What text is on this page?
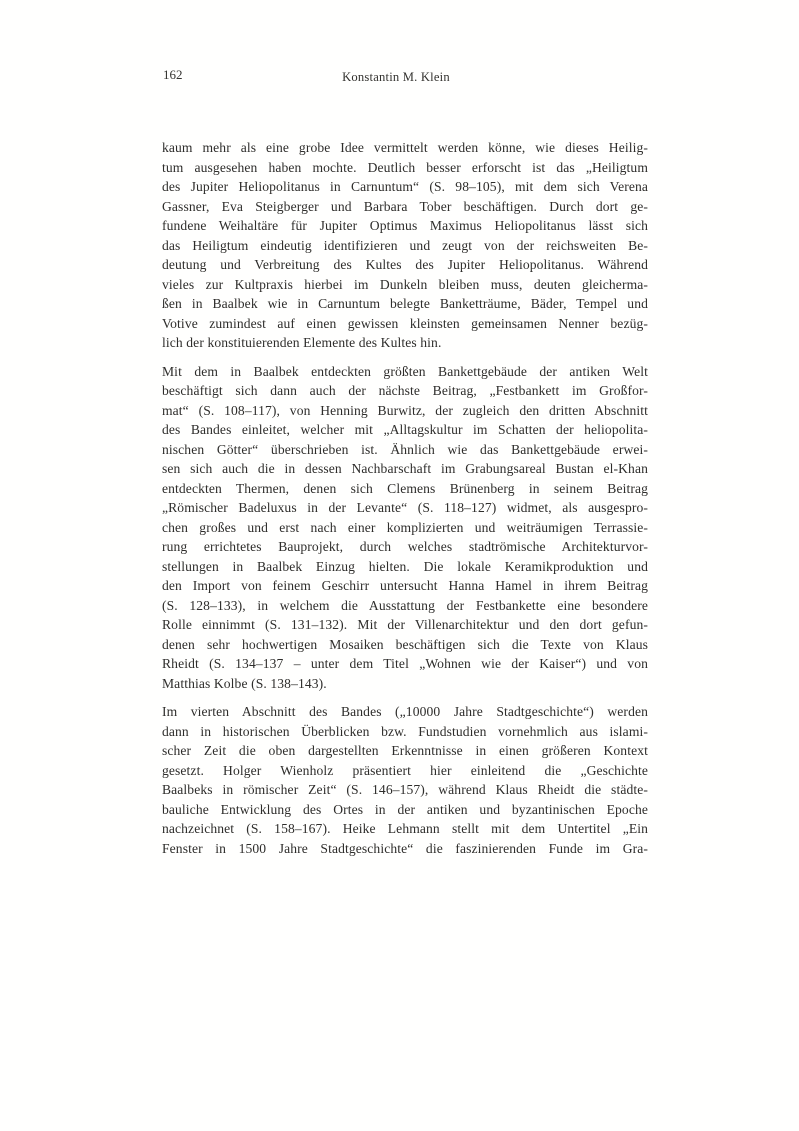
162	Konstantin M. Klein
kaum mehr als eine grobe Idee vermittelt werden könne, wie dieses Heilig-
tum ausgesehen haben mochte. Deutlich besser erforscht ist das „Heiligtum
des Jupiter Heliopolitanus in Carnuntum“ (S. 98–105), mit dem sich Verena
Gassner, Eva Steigberger und Barbara Tober beschäftigen. Durch dort ge-
fundene Weihaltäre für Jupiter Optimus Maximus Heliopolitanus lässt sich
das Heiligtum eindeutig identifizieren und zeugt von der reichsweiten Be-
deutung und Verbreitung des Kultes des Jupiter Heliopolitanus. Während
vieles zur Kultpraxis hierbei im Dunkeln bleiben muss, deuten gleicherma-
ßen in Baalbek wie in Carnuntum belegte Banketträume, Bäder, Tempel und
Votive zumindest auf einen gewissen kleinsten gemeinsamen Nenner bezüg-
lich der konstituierenden Elemente des Kultes hin.
Mit dem in Baalbek entdeckten größten Bankettgebäude der antiken Welt
beschäftigt sich dann auch der nächste Beitrag, „Festbankett im Großfor-
mat“ (S. 108–117), von Henning Burwitz, der zugleich den dritten Abschnitt
des Bandes einleitet, welcher mit „Alltagskultur im Schatten der heliopolita-
nischen Götter“ überschrieben ist. Ähnlich wie das Bankettgebäude erwei-
sen sich auch die in dessen Nachbarschaft im Grabungsareal Bustan el-Khan
entdeckten Thermen, denen sich Clemens Brünenberg in seinem Beitrag
„Römischer Badeluxus in der Levante“ (S. 118–127) widmet, als ausgespro-
chen großes und erst nach einer komplizierten und weiträumigen Terrassie-
rung errichtetes Bauprojekt, durch welches stadtrömische Architekturvor-
stellungen in Baalbek Einzug hielten. Die lokale Keramikproduktion und
den Import von feinem Geschirr untersucht Hanna Hamel in ihrem Beitrag
(S. 128–133), in welchem die Ausstattung der Festbankette eine besondere
Rolle einnimmt (S. 131–132). Mit der Villenarchitektur und den dort gefun-
denen sehr hochwertigen Mosaiken beschäftigen sich die Texte von Klaus
Rheidt (S. 134–137 – unter dem Titel „Wohnen wie der Kaiser“) und von
Matthias Kolbe (S. 138–143).
Im vierten Abschnitt des Bandes („10000 Jahre Stadtgeschichte“) werden
dann in historischen Überblicken bzw. Fundstudien vornehmlich aus islami-
scher Zeit die oben dargestellten Erkenntnisse in einen größeren Kontext
gesetzt. Holger Wienholz präsentiert hier einleitend die „Geschichte
Baalbeks in römischer Zeit“ (S. 146–157), während Klaus Rheidt die städte-
bauliche Entwicklung des Ortes in der antiken und byzantinischen Epoche
nachzeichnet (S. 158–167). Heike Lehmann stellt mit dem Untertitel „Ein
Fenster in 1500 Jahre Stadtgeschichte“ die faszinierenden Funde im Gra-
